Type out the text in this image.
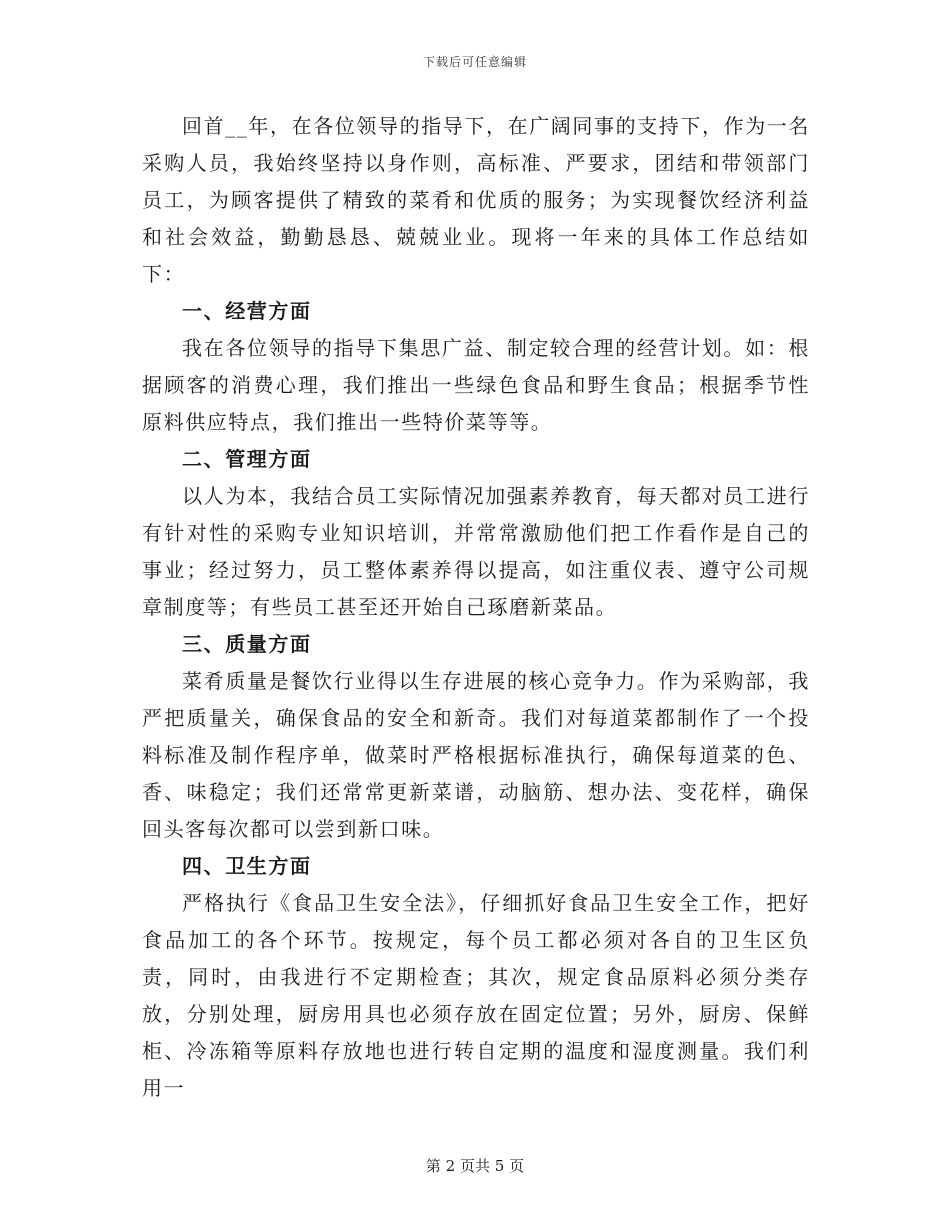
下载后可任意编辑

回首__年，在各位领导的指导下，在广阔同事的支持下，作为一名采购人员，我始终坚持以身作则，高标准、严要求，团结和带领部门员工，为顾客提供了精致的菜肴和优质的服务；为实现餐饮经济利益和社会效益，勤勤恳恳、兢兢业业。现将一年来的具体工作总结如下：

一、经营方面

我在各位领导的指导下集思广益、制定较合理的经营计划。如：根据顾客的消费心理，我们推出一些绿色食品和野生食品；根据季节性原料供应特点，我们推出一些特价菜等等。

二、管理方面

以人为本，我结合员工实际情况加强素养教育，每天都对员工进行有针对性的采购专业知识培训，并常常激励他们把工作看作是自己的事业；经过努力，员工整体素养得以提高，如注重仪表、遵守公司规章制度等；有些员工甚至还开始自己琢磨新菜品。

三、质量方面

菜肴质量是餐饮行业得以生存进展的核心竞争力。作为采购部，我严把质量关，确保食品的安全和新奇。我们对每道菜都制作了一个投料标准及制作程序单，做菜时严格根据标准执行，确保每道菜的色、香、味稳定；我们还常常更新菜谱，动脑筋、想办法、变花样，确保回头客每次都可以尝到新口味。

四、卫生方面

严格执行《食品卫生安全法》，仔细抓好食品卫生安全工作，把好食品加工的各个环节。按规定，每个员工都必须对各自的卫生区负责，同时，由我进行不定期检查；其次，规定食品原料必须分类存放，分别处理，厨房用具也必须存放在固定位置；另外，厨房、保鲜柜、冷冻箱等原料存放地也进行转自定期的温度和湿度测量。我们利用一

第 2 页共 5 页
